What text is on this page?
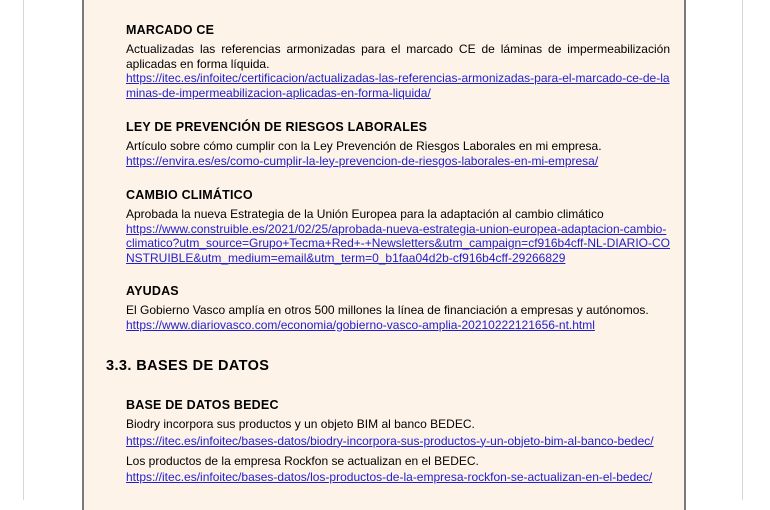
MARCADO CE
Actualizadas las referencias armonizadas para el marcado CE de láminas de impermeabilización aplicadas en forma líquida.
https://itec.es/infoitec/certificacion/actualizadas-las-referencias-armonizadas-para-el-marcado-ce-de-laminas-de-impermeabilizacion-aplicadas-en-forma-liquida/
LEY DE PREVENCIÓN DE RIESGOS LABORALES
Artículo sobre cómo cumplir con la Ley Prevención de Riesgos Laborales en mi empresa.
https://envira.es/es/como-cumplir-la-ley-prevencion-de-riesgos-laborales-en-mi-empresa/
CAMBIO CLIMÁTICO
Aprobada la nueva Estrategia de la Unión Europea para la adaptación al cambio climático
https://www.construible.es/2021/02/25/aprobada-nueva-estrategia-union-europea-adaptacion-cambio-climatico?utm_source=Grupo+Tecma+Red+-+Newsletters&utm_campaign=cf916b4cff-NL-DIARIO-CONSTRUIBLE&utm_medium=email&utm_term=0_b1faa04d2b-cf916b4cff-29266829
AYUDAS
El Gobierno Vasco amplía en otros 500 millones la línea de financiación a empresas y autónomos.
https://www.diariovasco.com/economia/gobierno-vasco-amplia-20210222121656-nt.html
3.3. BASES DE DATOS
BASE DE DATOS BEDEC
Biodry incorpora sus productos y un objeto BIM al banco BEDEC.
https://itec.es/infoitec/bases-datos/biodry-incorpora-sus-productos-y-un-objeto-bim-al-banco-bedec/
Los productos de la empresa Rockfon se actualizan en el BEDEC.
https://itec.es/infoitec/bases-datos/los-productos-de-la-empresa-rockfon-se-actualizan-en-el-bedec/
